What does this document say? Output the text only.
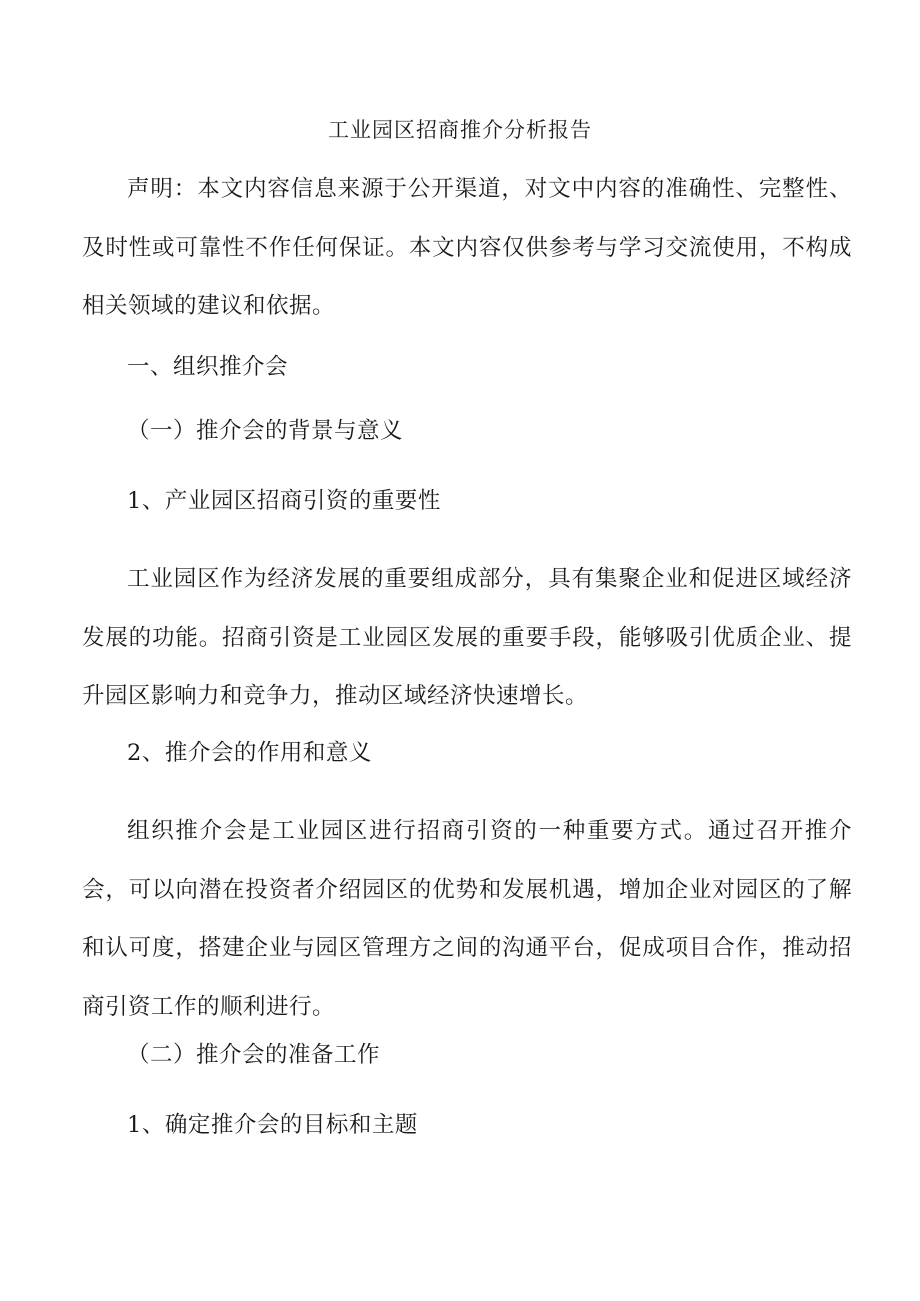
工业园区招商推介分析报告
声明：本文内容信息来源于公开渠道，对文中内容的准确性、完整性、及时性或可靠性不作任何保证。本文内容仅供参考与学习交流使用，不构成相关领域的建议和依据。
一、组织推介会
（一）推介会的背景与意义
1、产业园区招商引资的重要性
工业园区作为经济发展的重要组成部分，具有集聚企业和促进区域经济发展的功能。招商引资是工业园区发展的重要手段，能够吸引优质企业、提升园区影响力和竞争力，推动区域经济快速增长。
2、推介会的作用和意义
组织推介会是工业园区进行招商引资的一种重要方式。通过召开推介会，可以向潜在投资者介绍园区的优势和发展机遇，增加企业对园区的了解和认可度，搭建企业与园区管理方之间的沟通平台，促成项目合作，推动招商引资工作的顺利进行。
（二）推介会的准备工作
1、确定推介会的目标和主题
